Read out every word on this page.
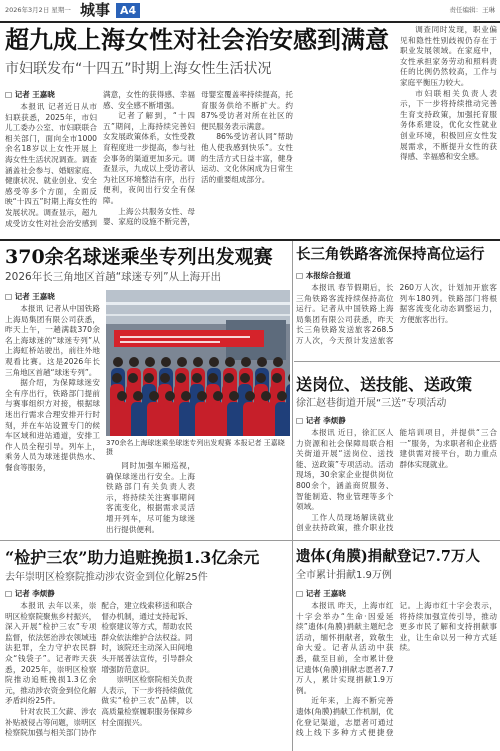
2026年3月2日 星期一 城事 A4	责任编辑：王琳
超九成上海女性对社会治安感到满意
市妇联发布“十四五”时期上海女性生活状况
□ 记者 王嘉晓

本报讯 记者近日从市妇联获悉，2025年，市妇儿工委办公室、市妇联联合相关部门，面向全市1000余名18岁以上女性开展上海女性生活状况调查。调查涵盖社会参与、婚姻家庭、健康状况、就业创业、安全感受等多个方面，全面反映“十四五”时期上海女性的发展状况。调查显示，超九成受访女性对社会治安感到满意，女性的获得感、幸福感、安全感不断增强。

记者了解到，“十四五”期间，上海持续完善妇女发展政策体系，女性受教育程度进一步提高，参与社会事务的渠道更加多元。调查显示，九成以上受访者认为社区环境整洁有序，出行便利，夜间出行安全有保障。

上海公共服务女性、母婴、家庭的设施不断完善，母婴室覆盖率持续提高，托育服务供给不断扩大。约87%受访者对所在社区的便民服务表示满意。

86%受访者认同“帮助他人使我感到快乐”。女性的生活方式日益丰富，健身运动、文化休闲成为日常生活的重要组成部分。

调查同时发现，职业偏见和隐性性别歧视仍存在于职业发展领域。在家庭中，女性承担家务劳动和照料责任的比例仍然较高，工作与家庭平衡压力较大。

市妇联相关负责人表示，下一步将持续推动完善生育支持政策，加强托育服务体系建设，优化女性就业创业环境，积极回应女性发展需求，不断提升女性的获得感、幸福感和安全感。

370余名球迷乘坐专列出发观赛
2026年长三角地区首趟“球迷专列”从上海开出
□ 记者 王嘉晓

本报讯 记者从中国铁路上海局集团有限公司获悉，昨天上午，一趟满载370余名上海球迷的“球迷专列”从上海虹桥站驶出，前往外地观看比赛。这是2026年长三角地区首趟“球迷专列”。

据介绍，为保障球迷安全有序出行，铁路部门提前与赛事组织方对接，根据球迷出行需求合理安排开行时刻，并在车站设置专门的候车区域和进站通道，安排工作人员全程引导。列车上，乘务人员为球迷提供热水、餐食等服务，

370余名上海球迷乘坐球迷专列出发观赛 本报记者 王嘉晓 摄

同时加强车厢巡视，确保球迷出行安全。上海铁路部门有关负责人表示，将持续关注赛事期间客流变化，根据需求灵活增开列车，尽可能为球迷出行提供便利。

长三角铁路客流保持高位运行
□ 本报综合报道

本报讯 春节假期后，长三角铁路客流持续保持高位运行。记者从中国铁路上海局集团有限公司获悉，昨天长三角铁路发送旅客268.5万人次，今天预计发送旅客260万人次，计划加开旅客列车180列。铁路部门将根据客流变化动态调整运力，方便旅客出行。

送岗位、送技能、送政策
徐汇赵巷街道开展“三送”专项活动
□ 记者 李烦静

本报讯 近日，徐汇区人力资源和社会保障局联合相关街道开展“送岗位、送技能、送政策”专项活动。活动现场，30余家企业提供岗位800余个，涵盖商贸服务、智能制造、物业管理等多个领域。

工作人员现场解读就业创业扶持政策，推介职业技能培训项目，并提供“三合一”服务，为求职者和企业搭建供需对接平台，助力重点群体实现就业。

遗体(角膜)捐献登记7.7万人
全市累计捐献1.9万例
□ 记者 王嘉晓

本报讯 昨天，上海市红十字会举办“生命·因爱延续”遗体(角膜)捐献主题纪念活动，缅怀捐献者，致敬生命大爱。记者从活动中获悉，截至目前，全市累计登记遗体(角膜)捐献志愿者7.7万人，累计实现捐献1.9万例。

近年来，上海不断完善遗体(角膜)捐献工作机制，优化登记渠道，志愿者可通过线上线下多种方式便捷登记。上海市红十字会表示，将持续加强宣传引导，推动更多市民了解和支持捐献事业，让生命以另一种方式延续。

“检护三农”助力追赃挽损1.3亿余元
去年崇明区检察院推动涉农资金到位化解25件
□ 记者 李烦静

本报讯 去年以来，崇明区检察院聚焦乡村振兴，深入开展“检护三农”专项监督，依法惩治涉农领域违法犯罪，全力守护农民群众“钱袋子”。记者昨天获悉，2025年，崇明区检察院推动追赃挽损1.3亿余元，推动涉农资金到位化解矛盾纠纷25件。

针对农民工欠薪、涉农补贴被侵占等问题，崇明区检察院加强与相关部门协作配合，建立线索移送和联合督办机制，通过支持起诉、检察建议等方式，帮助农民群众依法维护合法权益。同时，该院还主动深入田间地头开展普法宣传，引导群众增强防范意识。

崇明区检察院相关负责人表示，下一步将持续做优做实“检护三农”品牌，以高质量检察履职服务保障乡村全面振兴。
